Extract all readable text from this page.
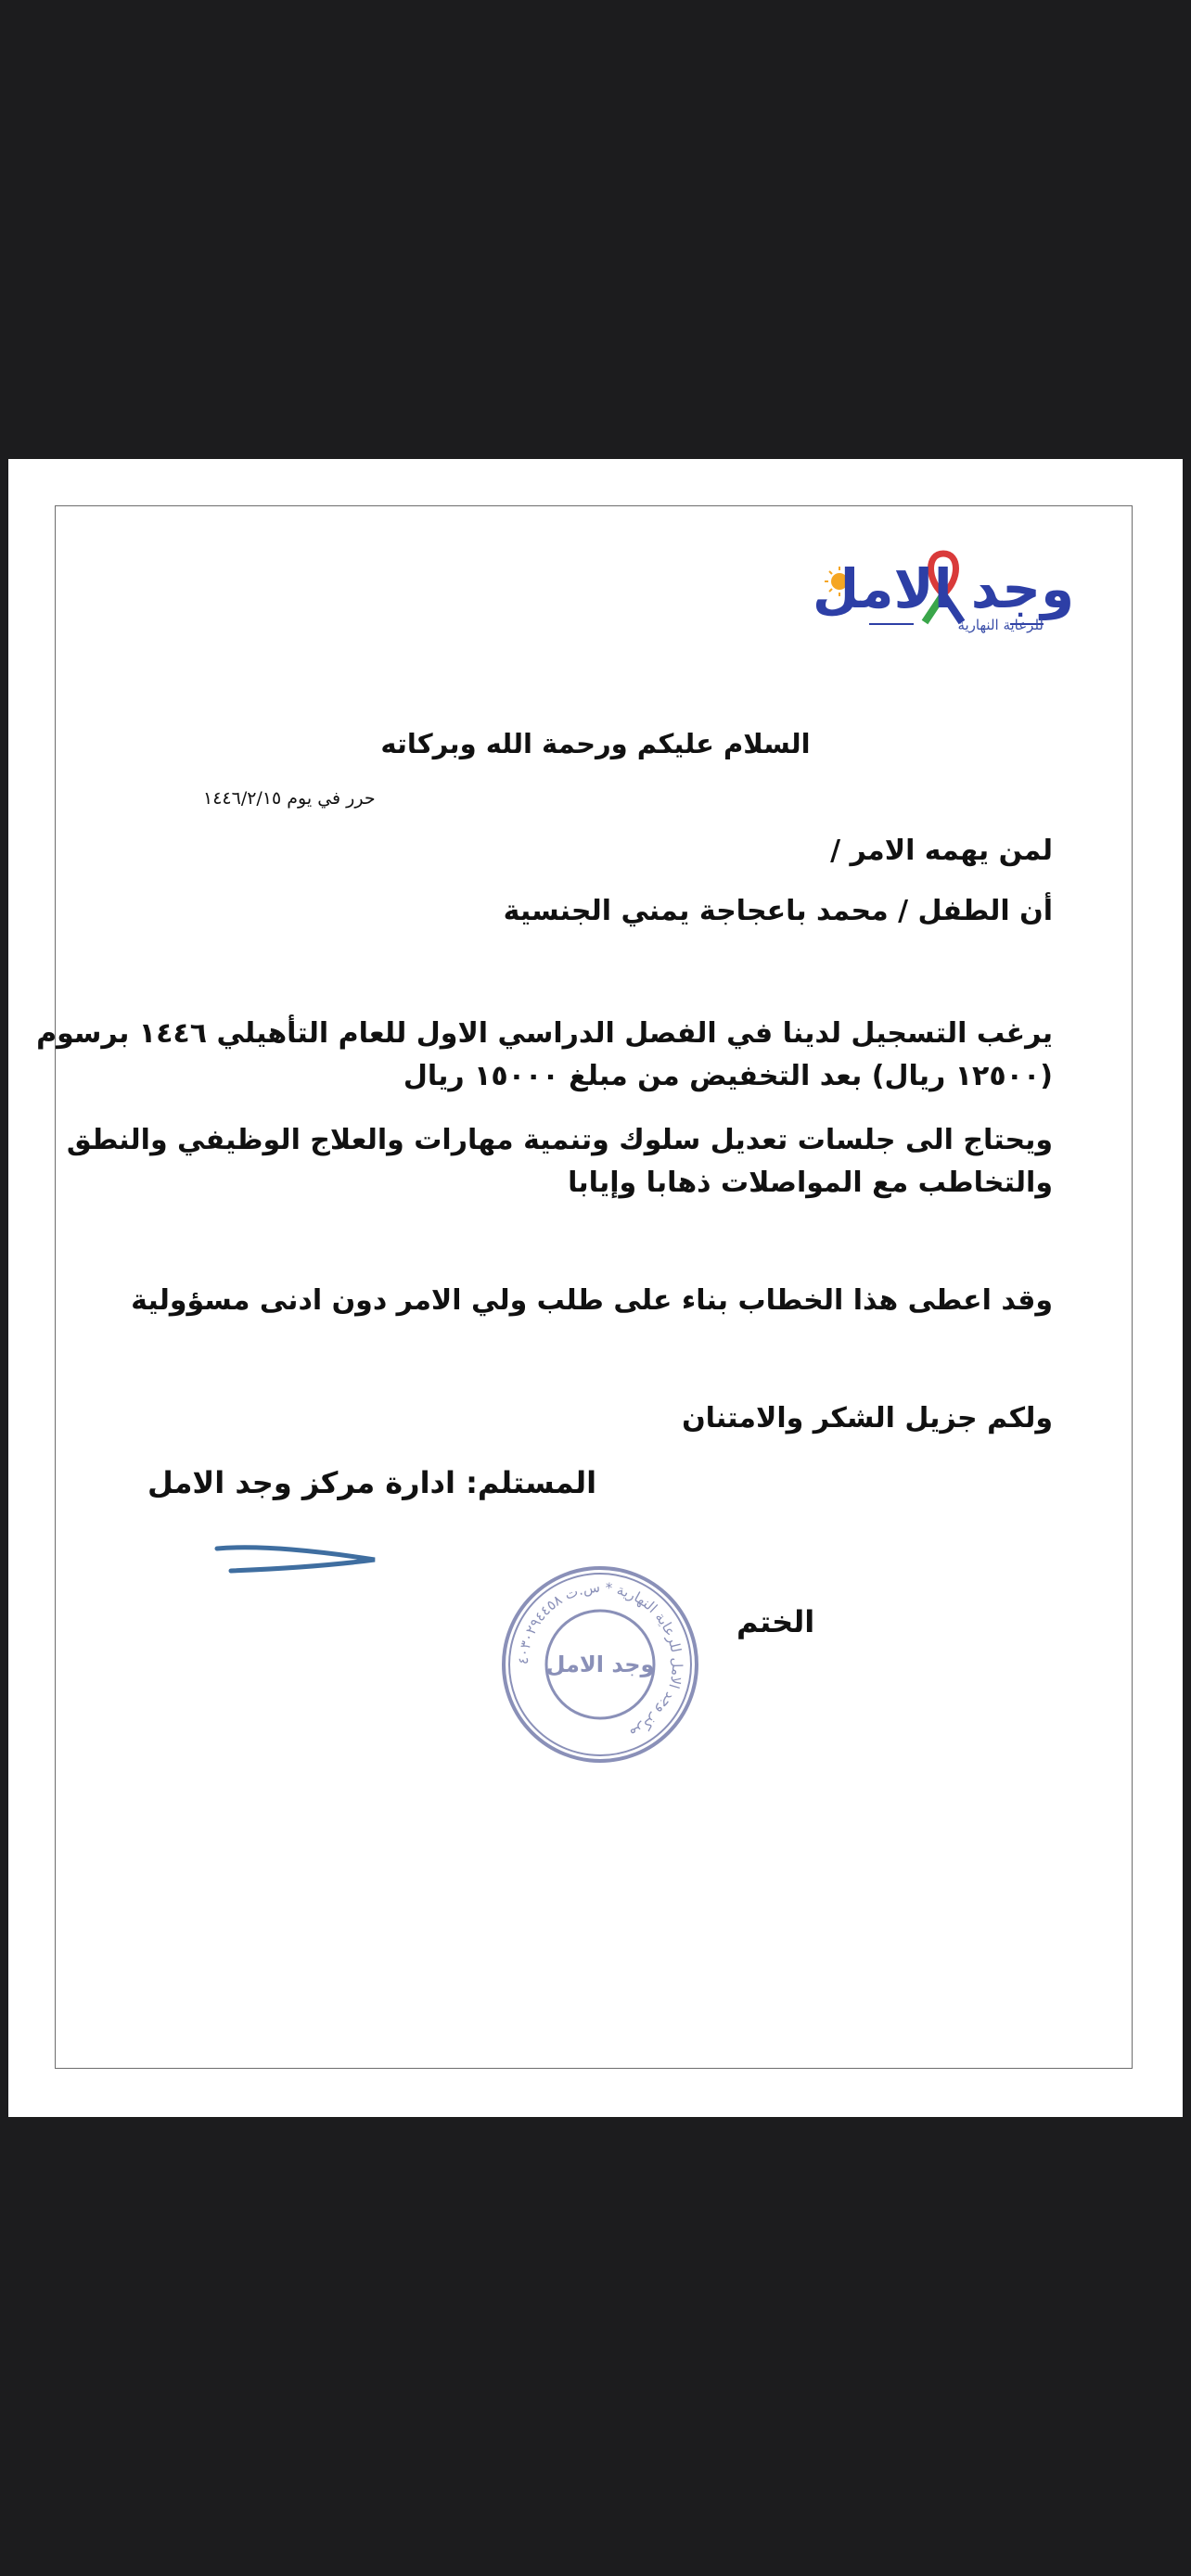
وجد الامل
للرعاية النهارية
السلام عليكم ورحمة الله وبركاته
حرر في يوم ١٤٤٦/٢/١٥
لمن يهمه الامر /
أن الطفل / محمد باعجاجة يمني الجنسية
يرغب التسجيل لدينا في الفصل الدراسي الاول للعام التأهيلي ١٤٤٦ برسوم
(١٢٥٠٠ ريال) بعد التخفيض من مبلغ ١٥٠٠٠ ريال
ويحتاج الى جلسات تعديل سلوك وتنمية مهارات والعلاج الوظيفي والنطق
والتخاطب مع المواصلات ذهابا وإيابا
وقد اعطى هذا الخطاب بناء على طلب ولي الامر دون ادنى مسؤولية
ولكم جزيل الشكر والامتنان
المستلم: ادارة مركز وجد الامل
مركز وجد الامل للرعاية النهارية * س.ت ٤٠٣٠٢٩٤٤٥٨
وجد الامل
الختم
